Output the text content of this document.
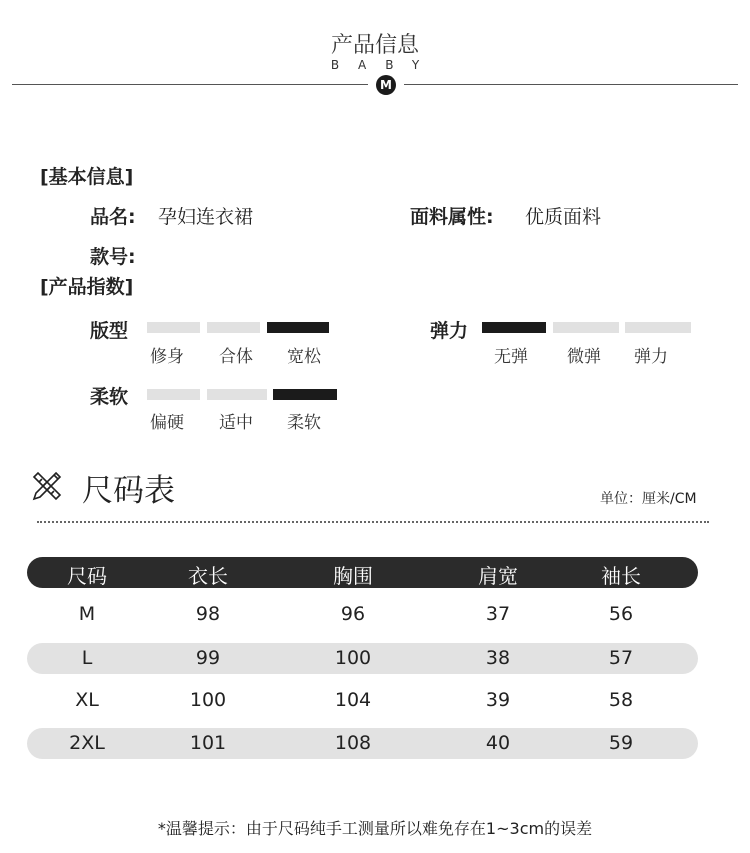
产品信息
BABY
M
[基本信息]
品名: 孕妇连衣裙	面料属性: 优质面料
款号:
[产品指数]
版型
修身 合体 宽松
弹力
无弹 微弹 弹力
柔软
偏硬 适中 柔软
尺码表	单位：厘米/CM
尺码	衣长	胸围	肩宽	袖长
M	98	96	37	56
L	99	100	38	57
XL	100	104	39	58
2XL	101	108	40	59
*温馨提示：由于尺码纯手工测量所以难免存在1~3cm的误差
